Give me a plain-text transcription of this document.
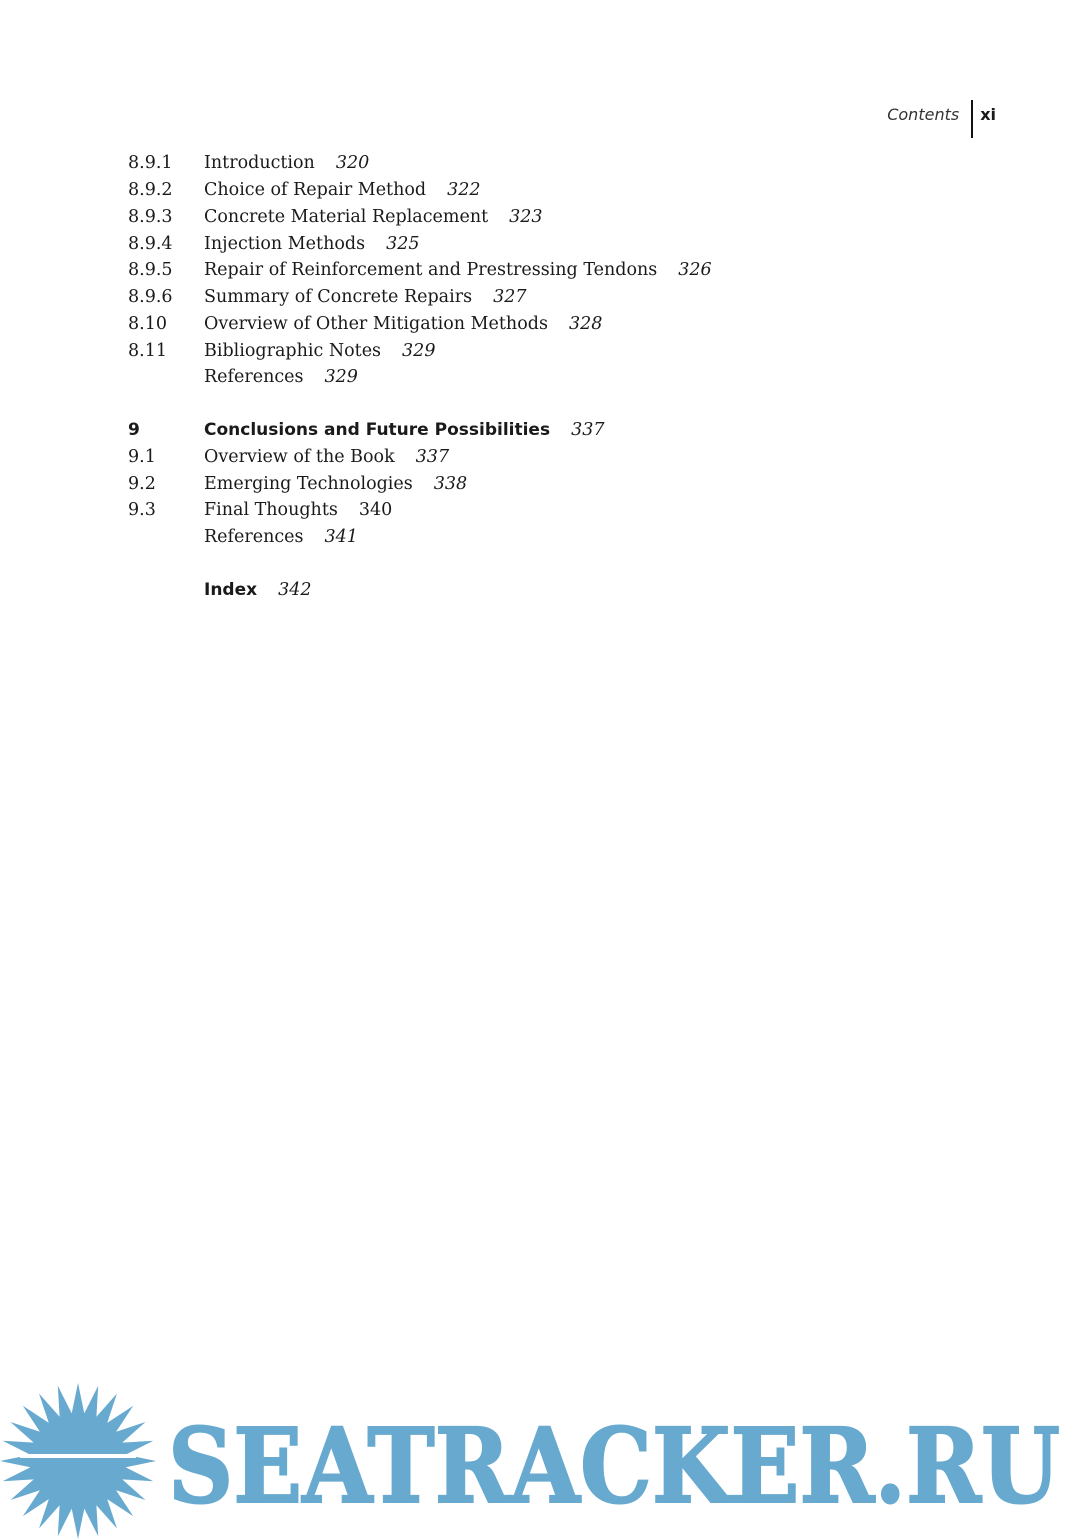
Contents	xi
8.9.1	Introduction 320
8.9.2	Choice of Repair Method 322
8.9.3	Concrete Material Replacement 323
8.9.4	Injection Methods 325
8.9.5	Repair of Reinforcement and Prestressing Tendons 326
8.9.6	Summary of Concrete Repairs 327
8.10	Overview of Other Mitigation Methods 328
8.11	Bibliographic Notes 329
References 329
9	Conclusions and Future Possibilities 337
9.1	Overview of the Book 337
9.2	Emerging Technologies 338
9.3	Final Thoughts 340
References 341
Index 342
SEATRACKER.RU
